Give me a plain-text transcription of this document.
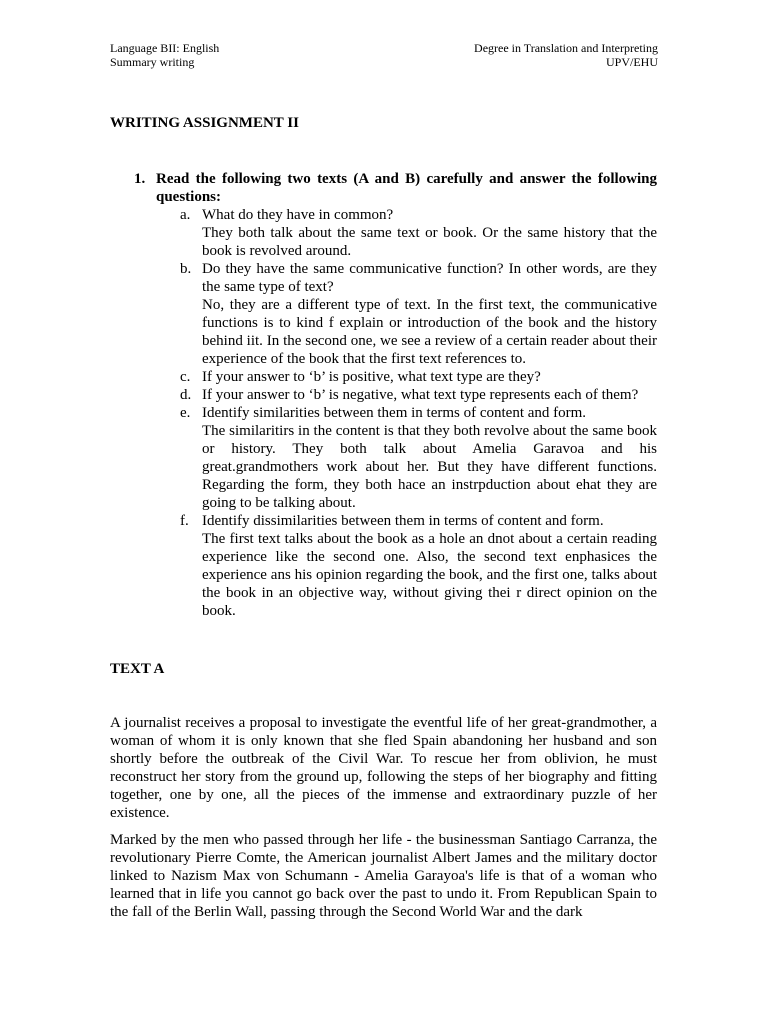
Language BII: English
Summary writing
Degree in Translation and Interpreting
UPV/EHU
WRITING ASSIGNMENT II
1. Read the following two texts (A and B) carefully and answer the following questions:
a. What do they have in common?
They both talk about the same text or book. Or the same history that the book is revolved around.
b. Do they have the same communicative function? In other words, are they the same type of text?
No, they are a different type of text. In the first text, the communicative functions is to kind f explain or introduction of the book and the history behind iit. In the second one, we see a review of a certain reader about their experience of the book that the first text references to.
c. If your answer to ‘b’ is positive, what text type are they?
d. If your answer to ‘b’ is negative, what text type represents each of them?
e. Identify similarities between them in terms of content and form.
The similaritirs in the content is that they both revolve about the same book or history. They both talk about Amelia Garavoa and his great.grandmothers work about her. But they have different functions. Regarding the form, they both hace an instrpduction about ehat they are going to be talking about.
f. Identify dissimilarities between them in terms of content and form.
The first text talks about the book as a hole an dnot about a certain reading experience like the second one. Also, the second text enphasices the experience ans his opinion regarding the book, and the first one, talks about the book in an objective way, without giving thei r direct opinion on the book.
TEXT A

A journalist receives a proposal to investigate the eventful life of her great-grandmother, a woman of whom it is only known that she fled Spain abandoning her husband and son shortly before the outbreak of the Civil War. To rescue her from oblivion, he must reconstruct her story from the ground up, following the steps of her biography and fitting together, one by one, all the pieces of the immense and extraordinary puzzle of her existence.

Marked by the men who passed through her life - the businessman Santiago Carranza, the revolutionary Pierre Comte, the American journalist Albert James and the military doctor linked to Nazism Max von Schumann - Amelia Garayoa's life is that of a woman who learned that in life you cannot go back over the past to undo it. From Republican Spain to the fall of the Berlin Wall, passing through the Second World War and the dark
